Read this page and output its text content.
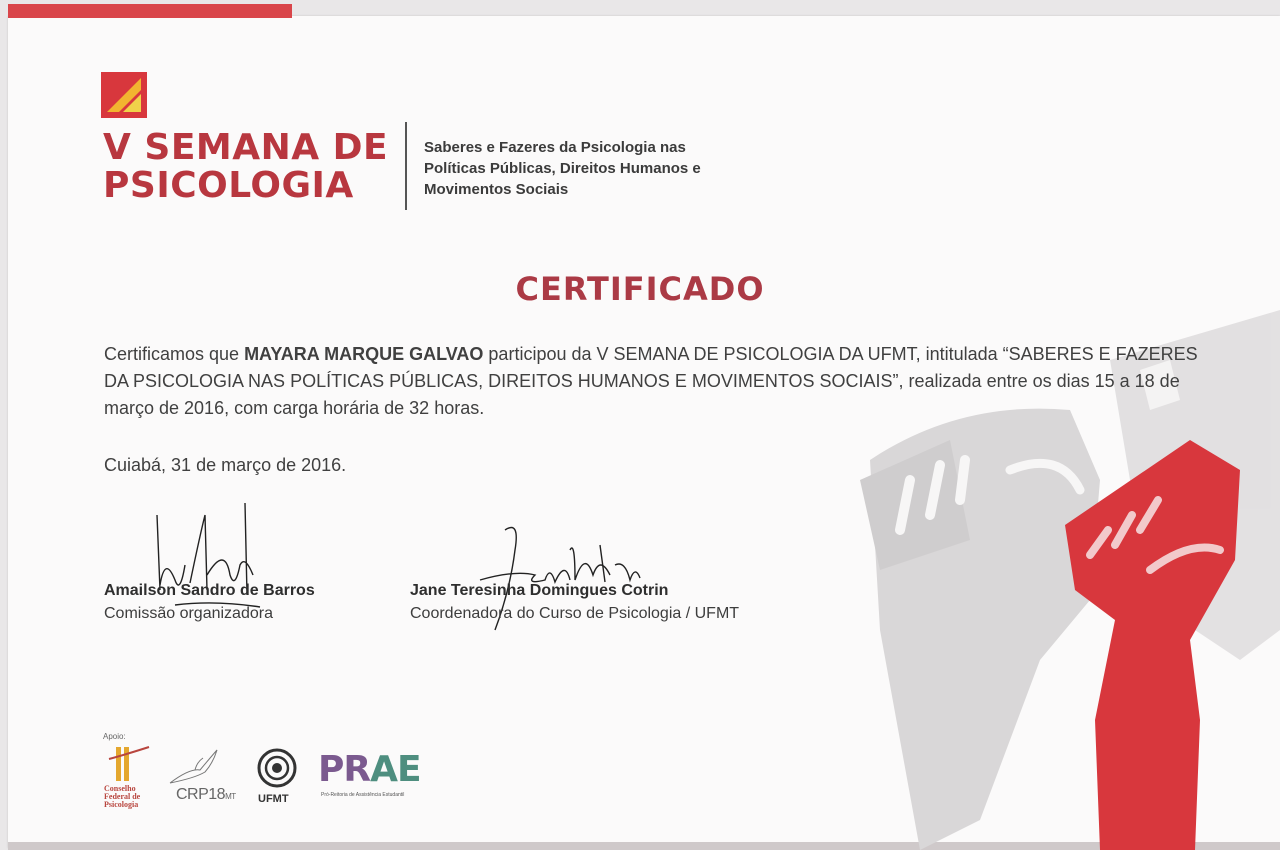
V SEMANA DE
PSICOLOGIA
Saberes e Fazeres da Psicologia nas
Políticas Públicas, Direitos Humanos e
Movimentos Sociais
CERTIFICADO
Certificamos que MAYARA MARQUE GALVAO participou da V SEMANA DE PSICOLOGIA DA UFMT, intitulada “SABERES E FAZERES DA PSICOLOGIA NAS POLÍTICAS PÚBLICAS, DIREITOS HUMANOS E MOVIMENTOS SOCIAIS”, realizada entre os dias 15 a 18 de março de 2016, com carga horária de 32 horas.
Cuiabá, 31 de março de 2016.
Amailson Sandro de Barros
Comissão organizadora
Jane Teresinha Domingues Cotrin
Coordenadora do Curso de Psicologia / UFMT
Apoio:
Conselho
Federal de
Psicologia
CRP18MT UFMT
PRAE
Pró-Reitoria de Assistência Estudantil
